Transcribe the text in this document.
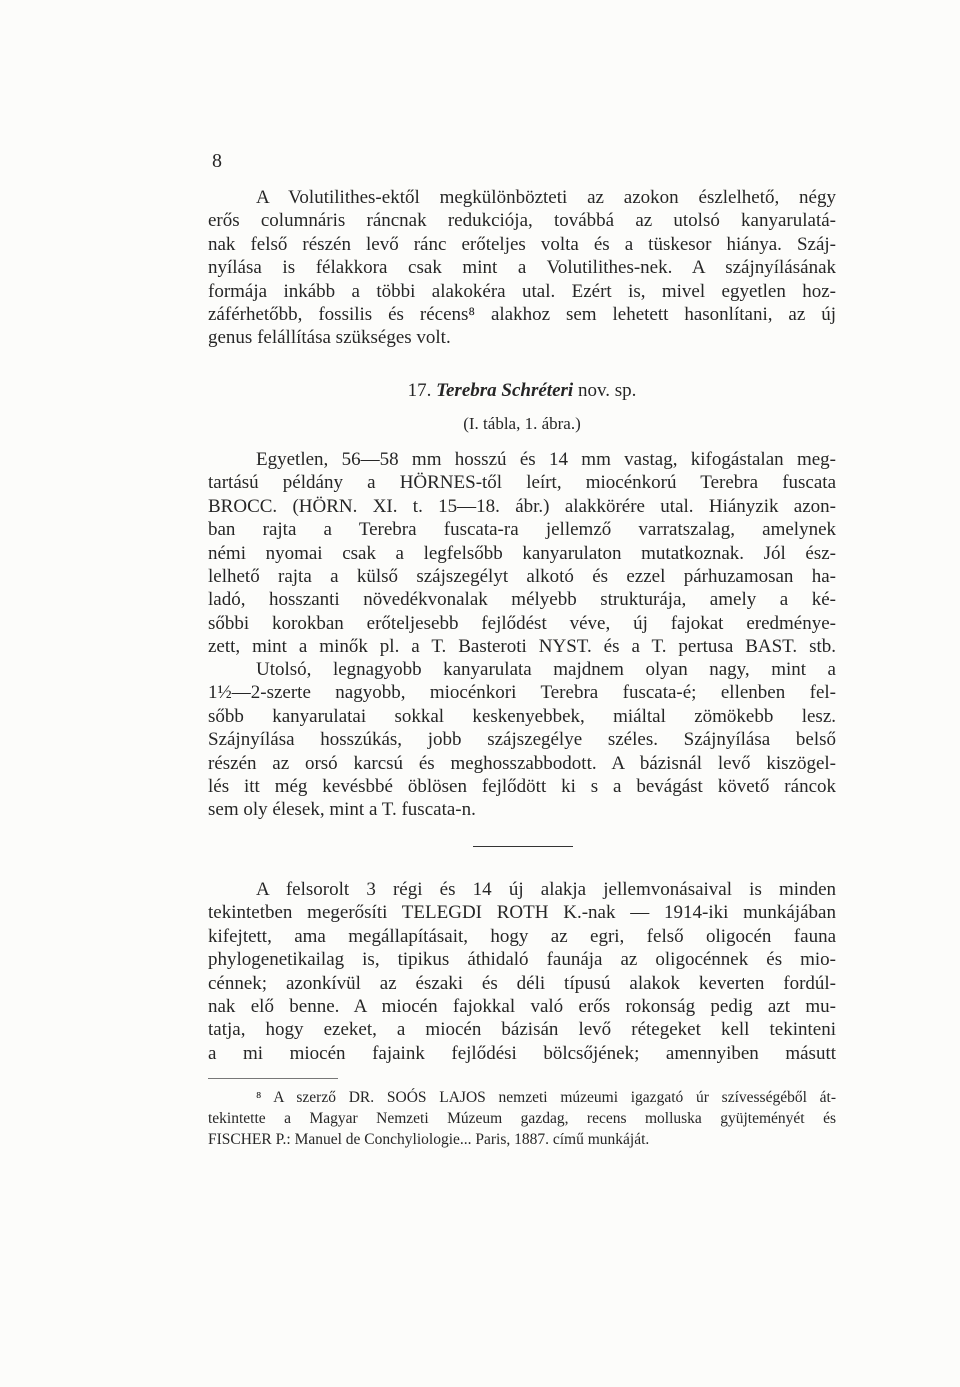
8
A Volutilithes-ektől megkülönbözteti az azokon észlelhető, négy
erős columnáris ráncnak redukciója, továbbá az utolsó kanyarulatá-
nak felső részén levő ránc erőteljes volta és a tüskesor hiánya. Száj-
nyílása is félakkora csak mint a Volutilithes-nek. A szájnyílásának
formája inkább a többi alakokéra utal. Ezért is, mivel egyetlen hoz-
záférhetőbb, fossilis és récens⁸ alakhoz sem lehetett hasonlítani, az új
genus felállítása szükséges volt.
17. Terebra Schréteri nov. sp.
(I. tábla, 1. ábra.)
Egyetlen, 56—58 mm hosszú és 14 mm vastag, kifogástalan meg-
tartású példány a HÖRNES-től leírt, miocénkorú Terebra fuscata
BROCC. (HÖRN. XI. t. 15—18. ábr.) alakkörére utal. Hiányzik azon-
ban rajta a Terebra fuscata-ra jellemző varratszalag, amelynek
némi nyomai csak a legfelsőbb kanyarulaton mutatkoznak. Jól ész-
lelhető rajta a külső szájszegélyt alkotó és ezzel párhuzamosan ha-
ladó, hosszanti növedékvonalak mélyebb strukturája, amely a ké-
sőbbi korokban erőteljesebb fejlődést véve, új fajokat eredménye-
zett, mint a minők pl. a T. Basteroti NYST. és a T. pertusa BAST. stb.
Utolsó, legnagyobb kanyarulata majdnem olyan nagy, mint a
1½—2-szerte nagyobb, miocénkori Terebra fuscata-é; ellenben fel-
sőbb kanyarulatai sokkal keskenyebbek, miáltal zömökebb lesz.
Szájnyílása hosszúkás, jobb szájszegélye széles. Szájnyílása belső
részén az orsó karcsú és meghosszabbodott. A bázisnál levő kiszögel-
lés itt még kevésbbé öblösen fejlődött ki s a bevágást követő ráncok
sem oly élesek, mint a T. fuscata-n.
A felsorolt 3 régi és 14 új alakja jellemvonásaival is minden
tekintetben megerősíti TELEGDI ROTH K.-nak — 1914-iki munkájában
kifejtett, ama megállapításait, hogy az egri, felső oligocén fauna
phylogenetikailag is, tipikus áthidaló faunája az oligocénnek és mio-
cénnek; azonkívül az északi és déli típusú alakok keverten fordúl-
nak elő benne. A miocén fajokkal való erős rokonság pedig azt mu-
tatja, hogy ezeket, a miocén bázisán levő rétegeket kell tekinteni
a mi miocén fajaink fejlődési bölcsőjének; amennyiben másutt
⁸ A szerző DR. SOÓS LAJOS nemzeti múzeumi igazgató úr szívességéből át-
tekintette a Magyar Nemzeti Múzeum gazdag, recens molluska gyüjteményét és
FISCHER P.: Manuel de Conchyliologie... Paris, 1887. című munkáját.
